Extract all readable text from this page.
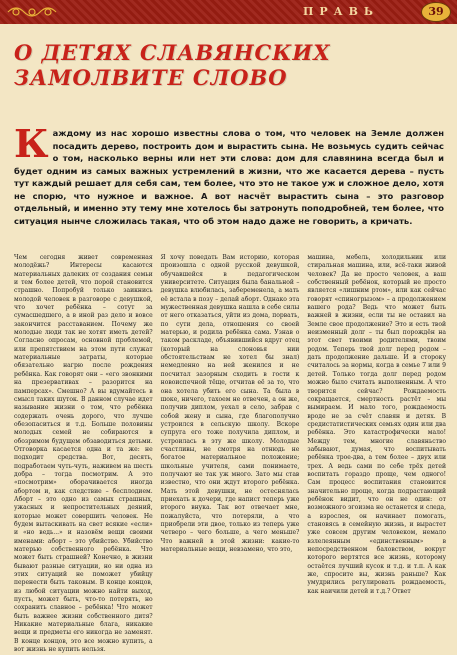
ПРАВЬ	39
О ДЕТЯХ СЛАВЯНСКИХ ЗАМОЛВИТЕ СЛОВО

К аждому из нас хорошо известны слова о том, что человек на Земле должен посадить дерево, построить дом и вырастить сына. Не возьмусь судить сейчас о том, насколько верны или нет эти слова: дом для славянина всегда был и будет одним из самых важных устремлений в жизни, что же касается дерева – пусть тут каждый решает для себя сам, тем более, что это не такое уж и сложное дело, хотя не спорю, что нужное и важное. А вот насчёт вырастить сына – это разговор отдельный, и именно эту тему мне хотелось бы затронуть поподробней, тем более, что ситуация нынче сложилась такая, что об этом надо даже не говорить, а кричать.

Чем сегодня живет современная молодёжь? Интересы касаются материальных далеких от создания семьи и тем более детей, что порой становится страшно. Попробуй только заикнись молодой человек в разговоре с девушкой, что хочет ребёнка – сотут за сумасшедшего, а в иной раз дело и вовсе закончится расставанием. Почему же молодые люди так не хотят иметь детей? Согласно опросам, основной проблемой, или препятствием на этом пути служат материальные затраты, которые обязательно нагрю после рождения ребёнка. Как говорят они – «его звонкими на презервативах – разорится на памперсах». Смешно? А вы вдумайтесь в смысл таких шуток. В данном случае идет называние жизни о том, что ребёнка содержать очень дорого, что лучше обезопаситься и т.д. Больше половины молодых семей не собираются в обозримом будущем обзаводиться детьми. Отговорка касается одна и та же: не подходит средства. Вот, десять, подработаем чуть-чуть, наживем на шесть добра – тогда посмотрим. А это «посмотрим» оборачивается иногда абортом и, как следствие – бесплодием. Аборт – это одно из самых страшных, ужасных и непростительных деяний, которые может совершить человек. Не будем вытаскивать на свет всякие «если» и «но ведь...» и назовём вещи своими именами: аборт – это убийство. Убийство матерью собственного ребёнка. Что может быть страшней? Конечно, в жизни бывают разные ситуации, но ни одна из этих ситуаций не поможет убийцу перенести быть таковым. В конце концов, из любой ситуации можно найти выход, пусть, может быть, что-то потерять, но сохранить славное – ребёнка! Что может быть важнее жизни собственного дитя? Никакие материальные блага, никакие вещи и предметы его никогда не заменят. В конце концов, это все можно купить, а вот жизнь не купить нельзя.
Я хочу поведать Вам историю, которая произошла с одной русской девушкой, обучавшейся в педагогическом университете. Ситуация была банальной – девушка влюбилась, забеременела, а мать её встала в позу – делай аборт. Однако эта мужественная девушка нашла в себе силы от него отказаться, уйти из дома, порвать, по сути дела, отношения со своей матерью, и родила ребёнка сама. Узнав о таком раскладе, объявившийся вдруг отец (который на слоновья нии обстоятельствам не хотел бы знал) немедленно на ней женился и не посчитал зазорным сходить в гости к новоиспечной тёще, отчитав её за то, что она хотела убить его сына. Та была в шоке, ничего, тахоем не отвечен, а он же, получив диплом, уехал в село, забрав с собой жену и сына, где благополучно устроился в сельскую школу. Вскоре супруга его тоже получила диплом, и устроилась в эту же школу. Молодые счастливы, не смотря на отнюдь не богатое материальное положение; школьные учителя, сами понимаете, получают не так уж много. Зато мы став известно, что они ждут второго ребёнка. Мать этой девушки, не остеснялась приехать к дочери, где напист теперь уже второго внука. Так вот отвечает мне, пожалуйста, что потеряли, а что приобрели эти двое, только из теперь уже четверо – чего больше, а чего меньше? Что важней в этой жизни: какие-то материальные вещи, невзамено, что это,
машина, мебель, холодильник или стиральная машина, или, всё-таки живой человек? Да не просто человек, а ваш собственный ребёнок, который не просто является «лишним ртом», или как сейчас говорят «спиногрызом» – а продолжением вашего рода? Ведь что может быть важней в жизни, если ты не оставил на Земле свое продолжение? Это и есть твой неизменный долг – ты был порождён на этот свет твоими родителями, твоим родом. Теперь твой долг перед родом – дать продолжение дальше. И в стороку считалось за нормы, когда в семье 7 или 9 детей. Только тогда долг перед родом можно было считать выполненным. А что творится сейчас? Рождаемость сокращается, смертность растёт – мы вымираем. И мало того, рождаемость вроде не за счёт славян и детях. В средистатистических семьях один или два ребёнка. Это катастрофически мало! Между тем, многие славяньство забывают, думая, что воспитывать ребёнка трое-два, а тем более – двух или трех. А ведь сами по себе трёх детей воспитать гораздо проще, чем одного! Сам процесс воспитания становится значительно проще, когда подрастающий ребёнок видит, что он не один: от возможного эгоизма не останется и следа, а взрослея, он начинает помогать, становясь в семейную жизнь, и вырастет уже совсем другим человеком, немало взлелеянным «единственным» в непосредственном баловством, вокруг которого вертятся все жизнь, которому остаётся лучший кусок и т.д. и т.п. А как же, спросите вы, жизнь раньше? Как умудрились регулировать рождаемость, как наичили детей и т.д.? Ответ
